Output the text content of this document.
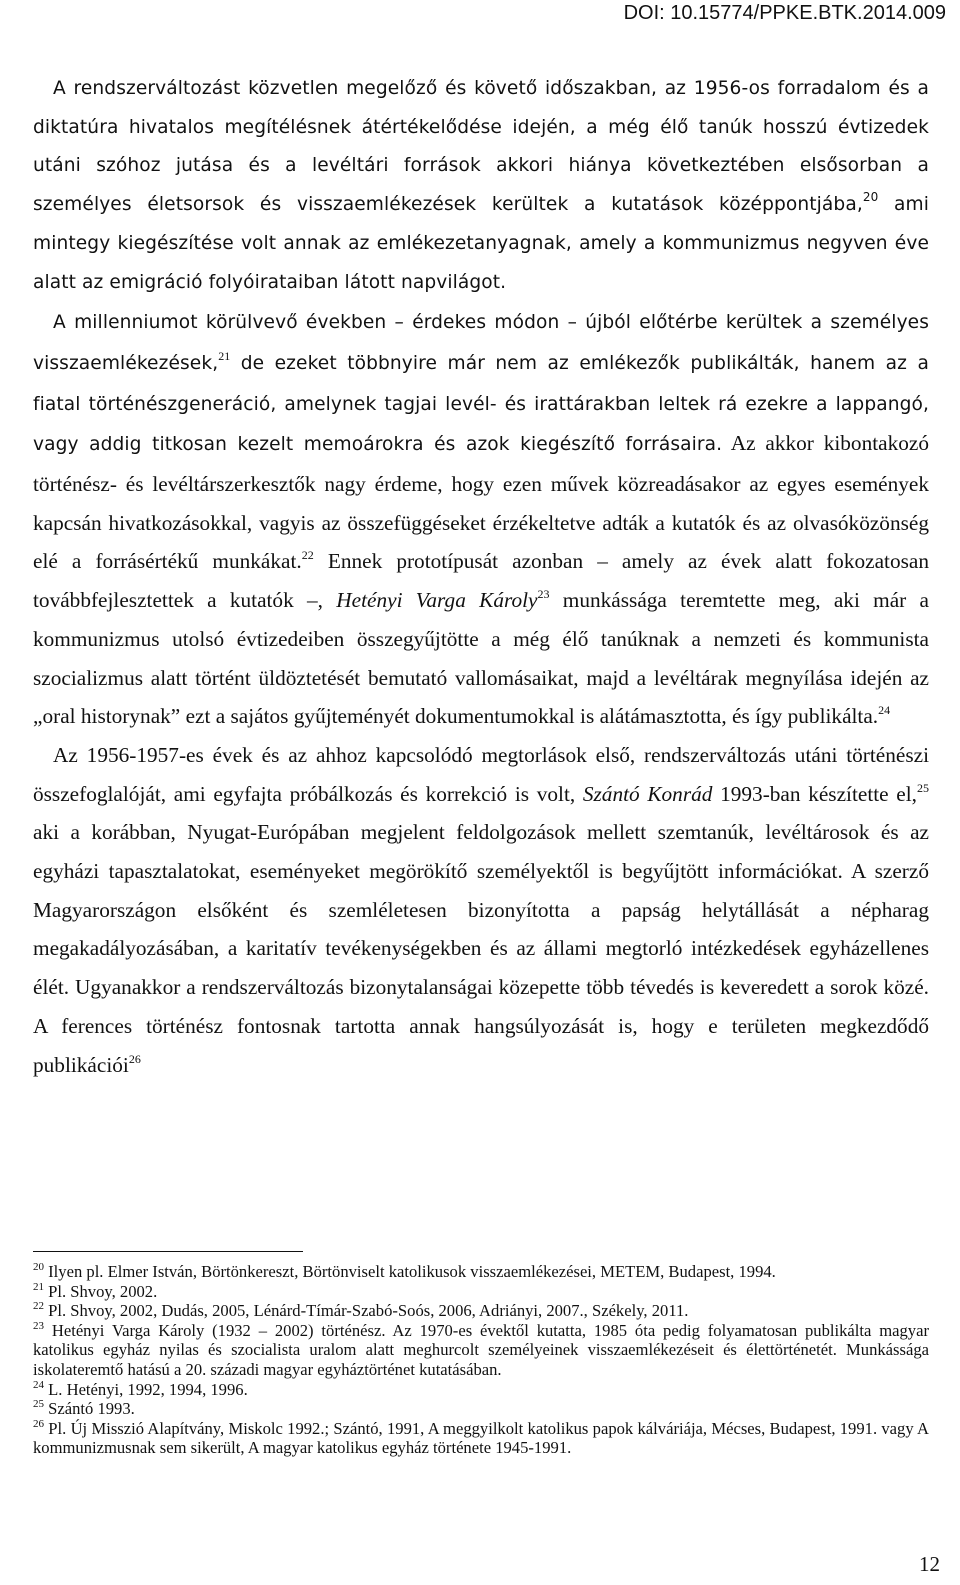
DOI: 10.15774/PPKE.BTK.2014.009

A rendszerváltozást közvetlen megelőző és követő időszakban, az 1956-os forradalom és a diktatúra hivatalos megítélésnek átértékelődése idején, a még élő tanúk hosszú évtizedek utáni szóhoz jutása és a levéltári források akkori hiánya következtében elsősorban a személyes életsorsok és visszaemlékezések kerültek a kutatások középpontjába,$^{20}$ ami mintegy kiegészítése volt annak az emlékezetanyagnak, amely a kommunizmus negyven éve alatt az emigráció folyóirataiban látott napvilágot.

A millenniumot körülvevő években – érdekes módon – újból előtérbe kerültek a személyes visszaemlékezések,$^{21}$ de ezeket többnyire már nem az emlékezők publikálták, hanem az a fiatal történészgeneráció, amelynek tagjai levél- és irattárakban leltek rá ezekre a lappangó, vagy addig titkosan kezelt memoárokra és azok kiegészítő forrásaira. Az akkor kibontakozó történész- és levéltárszerkesztők nagy érdeme, hogy ezen művek közreadásakor az egyes események kapcsán hivatkozásokkal, vagyis az összefüggéseket érzékeltetve adták a kutatók és az olvasóközönség elé a forrásértékű munkákat.$^{22}$ Ennek prototípusát azonban – amely az évek alatt fokozatosan továbbfejlesztettek a kutatók –, Hetényi Varga Károly$^{23}$ munkássága teremtette meg, aki már a kommunizmus utolsó évtizedeiben összegyűjtötte a még élő tanúknak a nemzeti és kommunista szocializmus alatt történt üldöztetését bemutató vallomásaikat, majd a levéltárak megnyílása idején az „oral historynak” ezt a sajátos gyűjteményét dokumentumokkal is alátámasztotta, és így publikálta.$^{24}$

Az 1956-1957-es évek és az ahhoz kapcsolódó megtorlások első, rendszerváltozás utáni történészi összefoglalóját, ami egyfajta próbálkozás és korrekció is volt, Szántó Konrád 1993-ban készítette el,$^{25}$ aki a korábban, Nyugat-Európában megjelent feldolgozások mellett szemtanúk, levéltárosok és az egyházi tapasztalatokat, eseményeket megörökítő személyektől is begyűjtött információkat. A szerző Magyarországon elsőként és szemléletesen bizonyította a papság helytállását a népharag megakadályozásában, a karitatív tevékenységekben és az állami megtorló intézkedések egyházellenes élét. Ugyanakkor a rendszerváltozás bizonytalanságai közepette több tévedés is keveredett a sorok közé. A ferences történész fontosnak tartotta annak hangsúlyozását is, hogy e területen megkezdődő publikációi$^{26}$

$^{20}$ Ilyen pl. Elmer István, Börtönkereszt, Börtönviselt katolikusok visszaemlékezései, METEM, Budapest, 1994.

$^{21}$ Pl. Shvoy, 2002.

$^{22}$ Pl. Shvoy, 2002, Dudás, 2005, Lénárd-Tímár-Szabó-Soós, 2006, Adriányi, 2007., Székely, 2011.

$^{23}$ Hetényi Varga Károly (1932 – 2002) történész. Az 1970-es évektől kutatta, 1985 óta pedig folyamatosan publikálta magyar katolikus egyház nyilas és szocialista uralom alatt meghurcolt személyeinek visszaemlékezéseit és élettörténetét. Munkássága iskolateremtő hatású a 20. századi magyar egyháztörténet kutatásában.

$^{24}$ L. Hetényi, 1992, 1994, 1996.

$^{25}$ Szántó 1993.

$^{26}$ Pl. Új Misszió Alapítvány, Miskolc 1992.; Szántó, 1991, A meggyilkolt katolikus papok kálváriája, Mécses, Budapest, 1991. vagy A kommunizmusnak sem sikerült, A magyar katolikus egyház története 1945-1991.

12
